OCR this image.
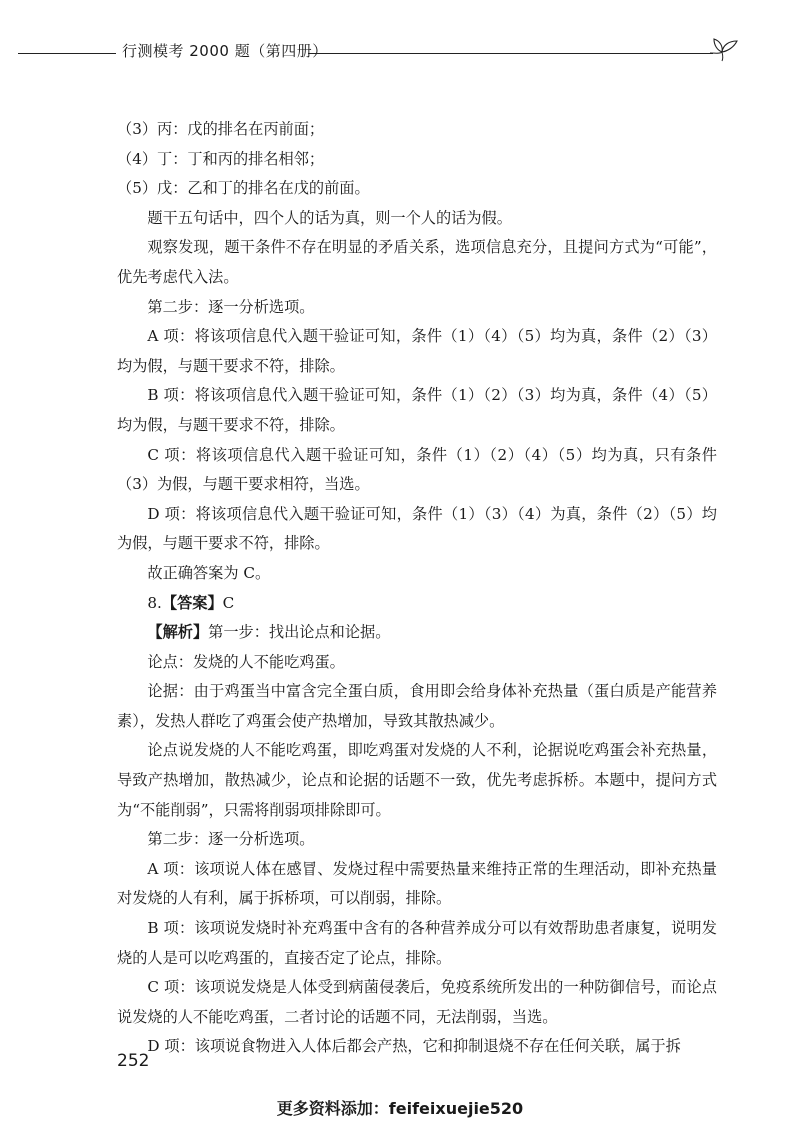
行测模考 2000 题（第四册）

（3）丙：戊的排名在丙前面；

（4）丁：丁和丙的排名相邻；

（5）戊：乙和丁的排名在戊的前面。

题干五句话中，四个人的话为真，则一个人的话为假。

观察发现，题干条件不存在明显的矛盾关系，选项信息充分，且提问方式为“可能”，优先考虑代入法。

第二步：逐一分析选项。

A 项：将该项信息代入题干验证可知，条件（1）（4）（5）均为真，条件（2）（3）均为假，与题干要求不符，排除。

B 项：将该项信息代入题干验证可知，条件（1）（2）（3）均为真，条件（4）（5）均为假，与题干要求不符，排除。

C 项：将该项信息代入题干验证可知，条件（1）（2）（4）（5）均为真，只有条件（3）为假，与题干要求相符，当选。

D 项：将该项信息代入题干验证可知，条件（1）（3）（4）为真，条件（2）（5）均为假，与题干要求不符，排除。

故正确答案为 C。

8.【答案】C

【解析】第一步：找出论点和论据。

论点：发烧的人不能吃鸡蛋。

论据：由于鸡蛋当中富含完全蛋白质，食用即会给身体补充热量（蛋白质是产能营养素），发热人群吃了鸡蛋会使产热增加，导致其散热减少。

论点说发烧的人不能吃鸡蛋，即吃鸡蛋对发烧的人不利，论据说吃鸡蛋会补充热量，导致产热增加，散热减少，论点和论据的话题不一致，优先考虑拆桥。本题中，提问方式为“不能削弱”，只需将削弱项排除即可。

第二步：逐一分析选项。

A 项：该项说人体在感冒、发烧过程中需要热量来维持正常的生理活动，即补充热量对发烧的人有利，属于拆桥项，可以削弱，排除。

B 项：该项说发烧时补充鸡蛋中含有的各种营养成分可以有效帮助患者康复，说明发烧的人是可以吃鸡蛋的，直接否定了论点，排除。

C 项：该项说发烧是人体受到病菌侵袭后，免疫系统所发出的一种防御信号，而论点说发烧的人不能吃鸡蛋，二者讨论的话题不同，无法削弱，当选。

D 项：该项说食物进入人体后都会产热，它和抑制退烧不存在任何关联，属于拆

252
更多资料添加：feifeixuejie520
